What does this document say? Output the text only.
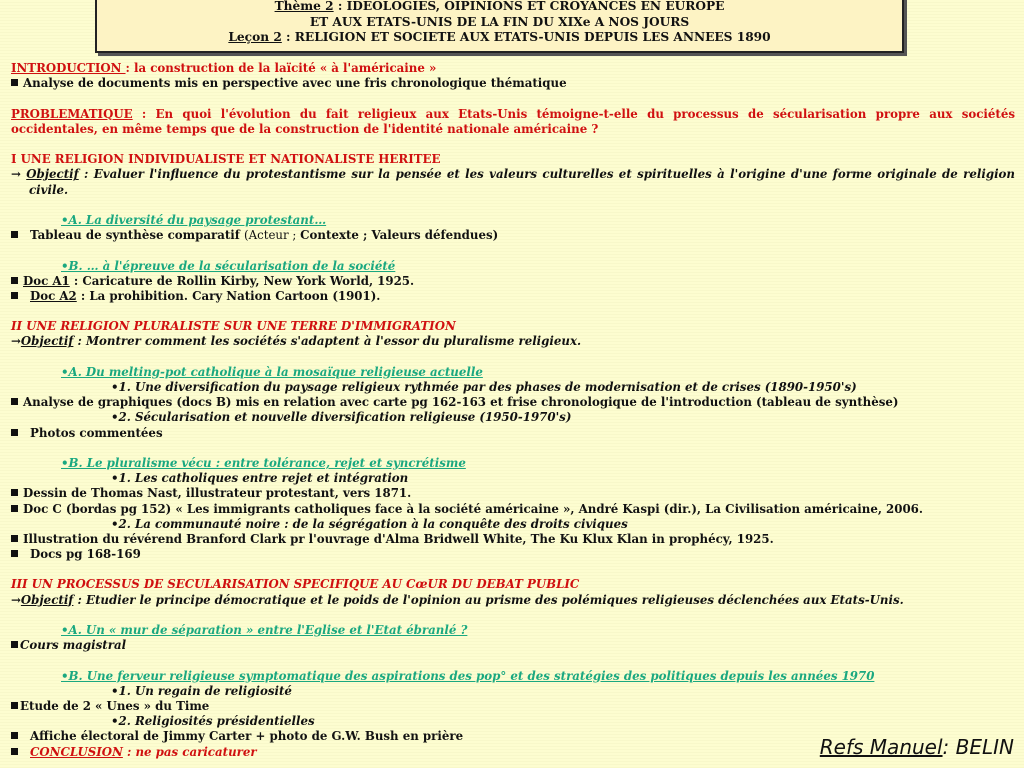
Thème 2 : IDEOLOGIES, OIPINIONS ET CROYANCES EN EUROPE
ET AUX ETATS-UNIS DE LA FIN DU XIXe A NOS JOURS
Leçon 2 : RELIGION ET SOCIETE AUX ETATS-UNIS DEPUIS LES ANNEES 1890
INTRODUCTION : la construction de la laïcité « à l'américaine »
Analyse de documents mis en perspective avec une fris chronologique thématique
PROBLEMATIQUE : En quoi l'évolution du fait religieux aux Etats-Unis témoigne-t-elle du processus de sécularisation propre aux sociétés occidentales, en même temps que de la construction de l'identité nationale américaine ?
I UNE RELIGION INDIVIDUALISTE ET NATIONALISTE HERITEE
→ Objectif : Evaluer l'influence du protestantisme sur la pensée et les valeurs culturelles et spirituelles à l'origine d'une forme originale de religion civile.
•A. La diversité du paysage protestant…
Tableau de synthèse comparatif (Acteur ; Contexte ; Valeurs défendues)
•B. … à l'épreuve de la sécularisation de la société
Doc A1 : Caricature de Rollin Kirby, New York World, 1925.
Doc A2 : La prohibition. Cary Nation Cartoon (1901).
II UNE RELIGION PLURALISTE SUR UNE TERRE D'IMMIGRATION
→Objectif : Montrer comment les sociétés s'adaptent à l'essor du pluralisme religieux.
•A. Du melting-pot catholique à la mosaïque religieuse actuelle
•1. Une diversification du paysage religieux rythmée par des phases de modernisation et de crises (1890-1950's)
Analyse de graphiques (docs B) mis en relation avec carte pg 162-163 et frise chronologique de l'introduction (tableau de synthèse)
•2. Sécularisation et nouvelle diversification religieuse (1950-1970's)
Photos commentées
•B. Le pluralisme vécu : entre tolérance, rejet et syncrétisme
•1. Les catholiques entre rejet et intégration
Dessin de Thomas Nast, illustrateur protestant, vers 1871.
Doc C (bordas pg 152) « Les immigrants catholiques face à la société américaine », André Kaspi (dir.), La Civilisation américaine, 2006.
•2. La communauté noire : de la ségrégation à la conquête des droits civiques
Illustration du révérend Branford Clark pr l'ouvrage d'Alma Bridwell White, The Ku Klux Klan in prophécy, 1925.
Docs pg 168-169
III UN PROCESSUS DE SECULARISATION SPECIFIQUE AU CœUR DU DEBAT PUBLIC
→Objectif : Etudier le principe démocratique et le poids de l'opinion au prisme des polémiques religieuses déclenchées aux Etats-Unis.
•A. Un « mur de séparation » entre l'Eglise et l'Etat ébranlé ?
Cours magistral
•B. Une ferveur religieuse symptomatique des aspirations des pop° et des stratégies des politiques depuis les années 1970
•1. Un regain de religiosité
Etude de 2 « Unes » du Time
•2. Religiosités présidentielles
Affiche électoral de Jimmy Carter + photo de G.W. Bush en prière
CONCLUSION : ne pas caricaturer	Refs Manuel: BELIN
